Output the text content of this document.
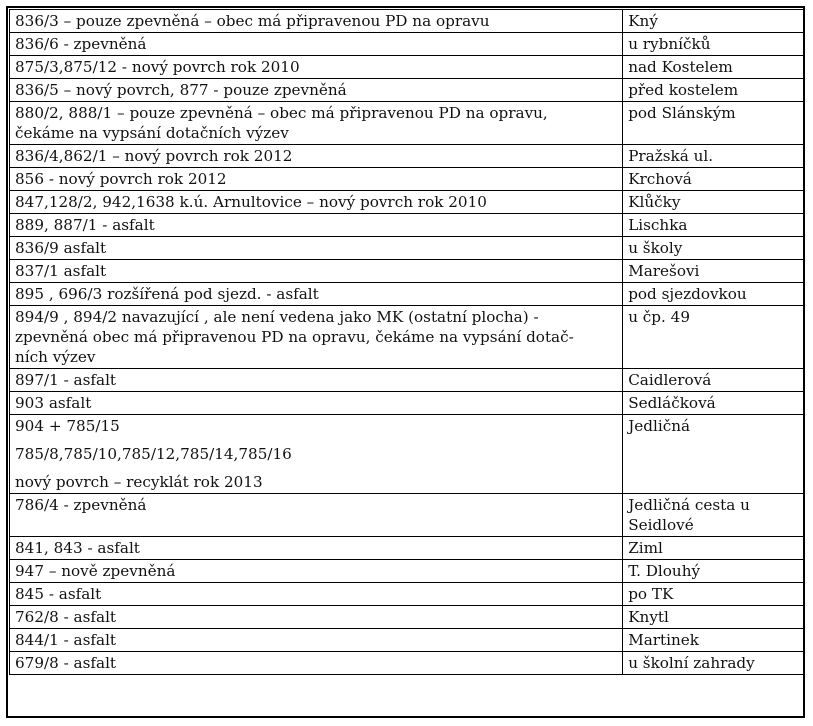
836/3 – pouze zpevněná – obec má připravenou PD na opravu	Kný

836/6 - zpevněná	u rybníčků

875/3,875/12 - nový povrch rok 2010	nad Kostelem

836/5 – nový povrch, 877 - pouze zpevněná	před kostelem

880/2, 888/1 – pouze zpevněná – obec má připravenou PD na opravu,
čekáme na vypsání dotačních výzev	pod Slánským

836/4,862/1 – nový povrch rok 2012	Pražská ul.

856 - nový povrch rok 2012	Krchová

847,128/2, 942,1638 k.ú. Arnultovice – nový povrch rok 2010	Klůčky

889, 887/1 - asfalt	Lischka

836/9 asfalt	u školy

837/1 asfalt	Marešovi

895 , 696/3 rozšířená pod sjezd. - asfalt	pod sjezdovkou

894/9 , 894/2 navazující , ale není vedena jako MK (ostatní plocha) -
zpevněná obec má připravenou PD na opravu, čekáme na vypsání dotač-
ních výzev	u čp. 49

897/1 - asfalt	Caidlerová

903 asfalt	Sedláčková

904 + 785/15
785/8,785/10,785/12,785/14,785/16
nový povrch – recyklát rok 2013	Jedličná

786/4 - zpevněná	Jedličná cesta u Seidlové

841, 843 - asfalt	Ziml

947 – nově zpevněná	T. Dlouhý

845 - asfalt	po TK

762/8 - asfalt	Knytl

844/1 - asfalt	Martinek

679/8 - asfalt	u školní zahrady
